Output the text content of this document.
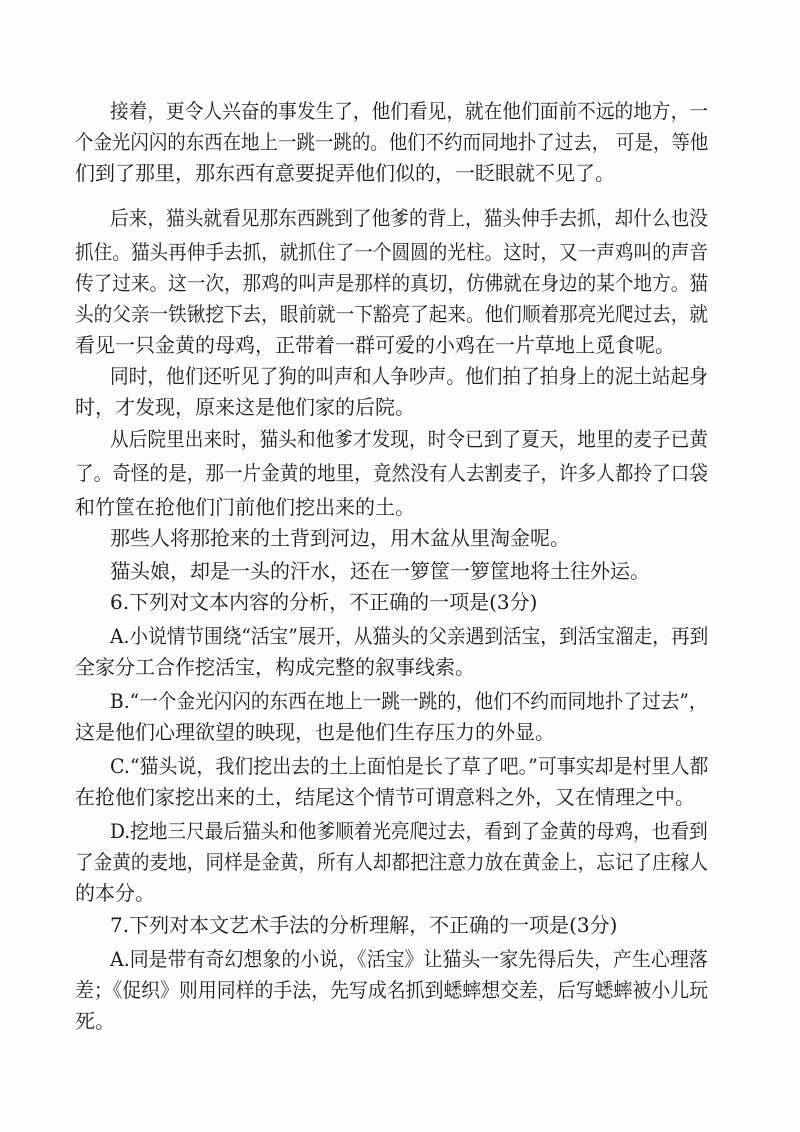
接着，更令人兴奋的事发生了，他们看见，就在他们面前不远的地方，一
个金光闪闪的东西在地上一跳一跳的。他们不约而同地扑了过去， 可是，等他
们到了那里，那东西有意要捉弄他们似的，一眨眼就不见了。
后来，猫头就看见那东西跳到了他爹的背上，猫头伸手去抓，却什么也没
抓住。猫头再伸手去抓，就抓住了一个圆圆的光柱。这时，又一声鸡叫的声音
传了过来。这一次，那鸡的叫声是那样的真切，仿佛就在身边的某个地方。猫
头的父亲一铁锹挖下去，眼前就一下豁亮了起来。他们顺着那亮光爬过去，就
看见一只金黄的母鸡，正带着一群可爱的小鸡在一片草地上觅食呢。
同时，他们还听见了狗的叫声和人争吵声。他们拍了拍身上的泥土站起身
时，才发现，原来这是他们家的后院。
从后院里出来时，猫头和他爹才发现，时令已到了夏天，地里的麦子已黄
了。奇怪的是，那一片金黄的地里，竟然没有人去割麦子，许多人都拎了口袋
和竹筐在抢他们门前他们挖出来的土。
那些人将那抢来的土背到河边，用木盆从里淘金呢。
猫头娘，却是一头的汗水，还在一箩筐一箩筐地将土往外运。
6.下列对文本内容的分析，不正确的一项是(3分)
A.小说情节围绕“活宝”展开，从猫头的父亲遇到活宝，到活宝溜走，再到
全家分工合作挖活宝，构成完整的叙事线索。
B.“一个金光闪闪的东西在地上一跳一跳的，他们不约而同地扑了过去”，
这是他们心理欲望的映现，也是他们生存压力的外显。
C.“猫头说，我们挖出去的土上面怕是长了草了吧。”可事实却是村里人都
在抢他们家挖出来的土，结尾这个情节可谓意料之外，又在情理之中。
D.挖地三尺最后猫头和他爹顺着光亮爬过去，看到了金黄的母鸡，也看到
了金黄的麦地，同样是金黄，所有人却都把注意力放在黄金上，忘记了庄稼人
的本分。
7.下列对本文艺术手法的分析理解，不正确的一项是(3分)
A.同是带有奇幻想象的小说，《活宝》让猫头一家先得后失，产生心理落
差；《促织》则用同样的手法，先写成名抓到蟋蟀想交差，后写蟋蟀被小儿玩
死。
